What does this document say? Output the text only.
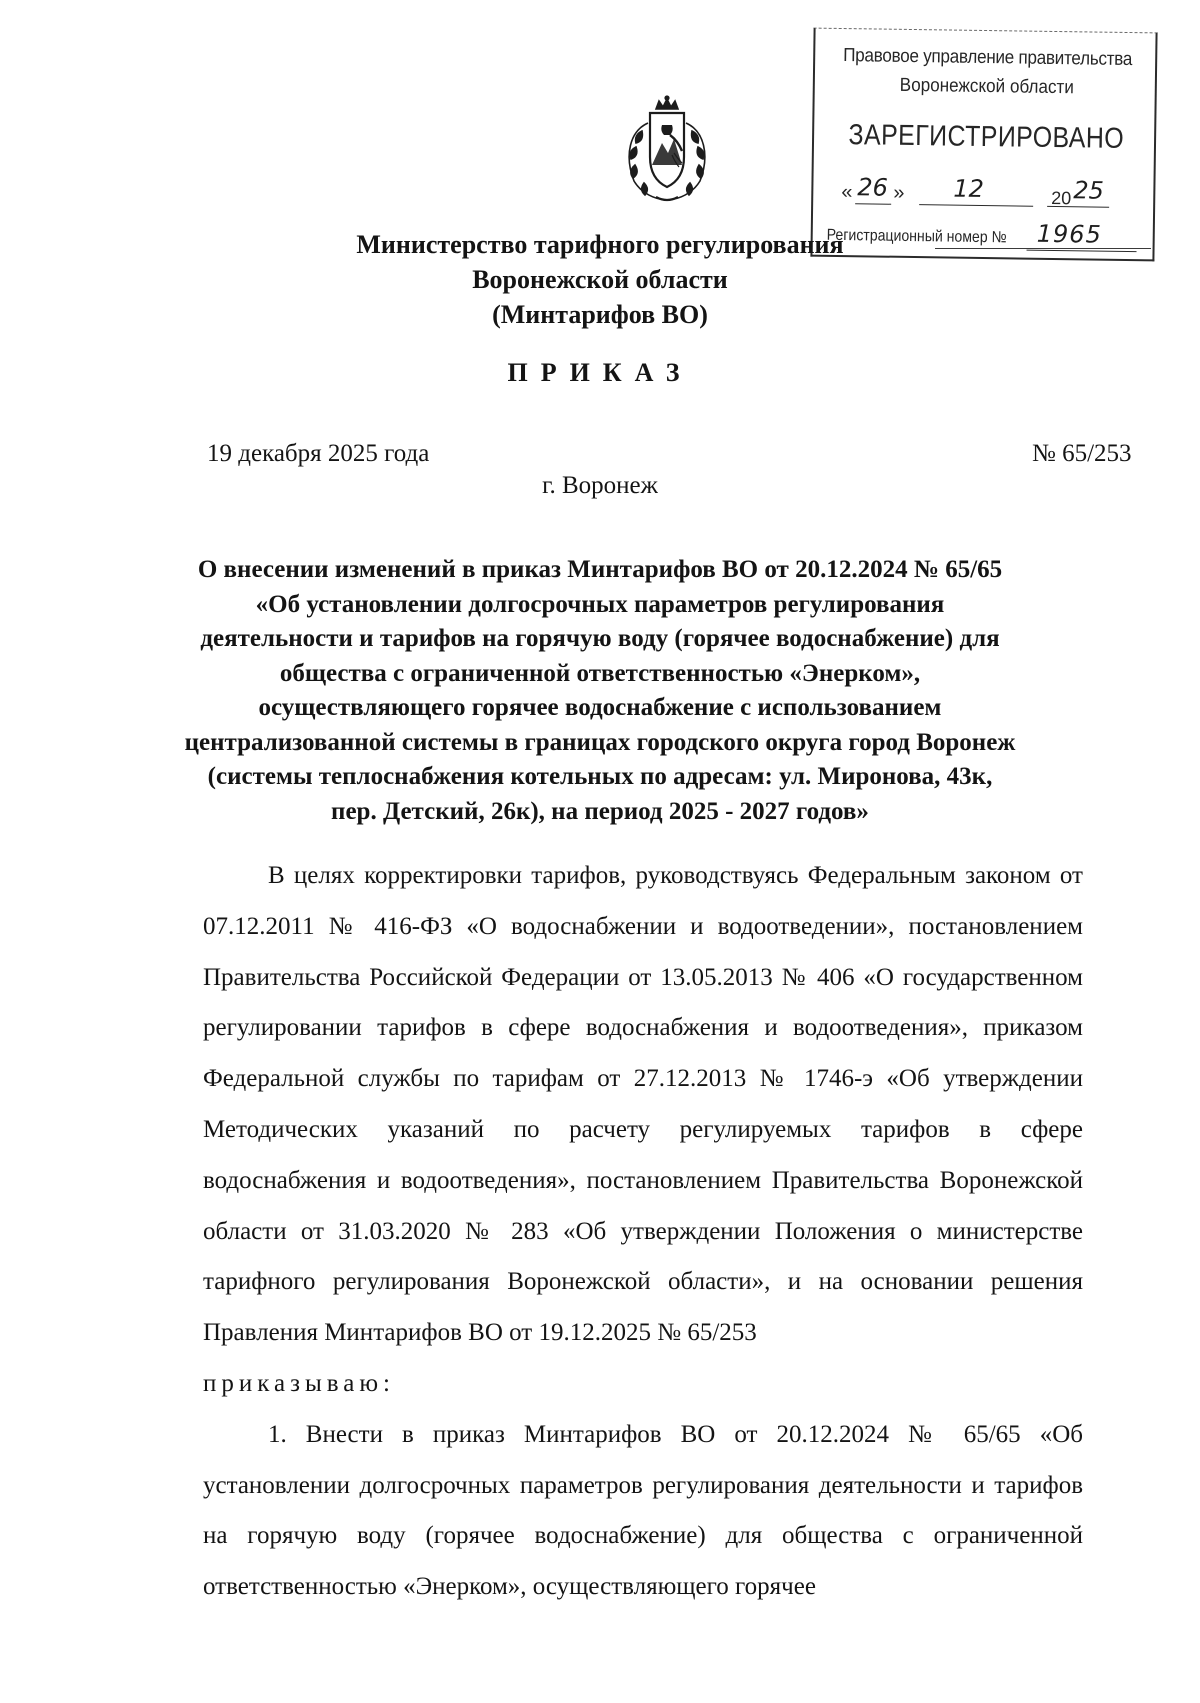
Правовое управление правительства
Воронежской области
ЗАРЕГИСТРИРОВАНО
« 26 » 12	20 25
Регистрационный номер № 1965
Министерство тарифного регулирования
Воронежской области
(Минтарифов ВО)
ПРИКАЗ
19 декабря 2025 года	№ 65/253
г. Воронеж
О внесении изменений в приказ Минтарифов ВО от 20.12.2024 № 65/65
«Об установлении долгосрочных параметров регулирования
деятельности и тарифов на горячую воду (горячее водоснабжение) для
общества с ограниченной ответственностью «Энерком»,
осуществляющего горячее водоснабжение с использованием
централизованной системы в границах городского округа город Воронеж
(системы теплоснабжения котельных по адресам: ул. Миронова, 43к,
пер. Детский, 26к), на период 2025 - 2027 годов»

В целях корректировки тарифов, руководствуясь Федеральным законом от 07.12.2011 № 416-ФЗ «О водоснабжении и водоотведении», постановлением Правительства Российской Федерации от 13.05.2013 № 406 «О государственном регулировании тарифов в сфере водоснабжения и водоотведения», приказом Федеральной службы по тарифам от 27.12.2013 № 1746-э «Об утверждении Методических указаний по расчету регулируемых тарифов в сфере водоснабжения и водоотведения», постановлением Правительства Воронежской области от 31.03.2020 № 283 «Об утверждении Положения о министерстве тарифного регулирования Воронежской области», и на основании решения Правления Минтарифов ВО от 19.12.2025 № 65/253

приказываю:

1. Внести в приказ Минтарифов ВО от 20.12.2024 № 65/65 «Об установлении долгосрочных параметров регулирования деятельности и тарифов на горячую воду (горячее водоснабжение) для общества с ограниченной ответственностью «Энерком», осуществляющего горячее
